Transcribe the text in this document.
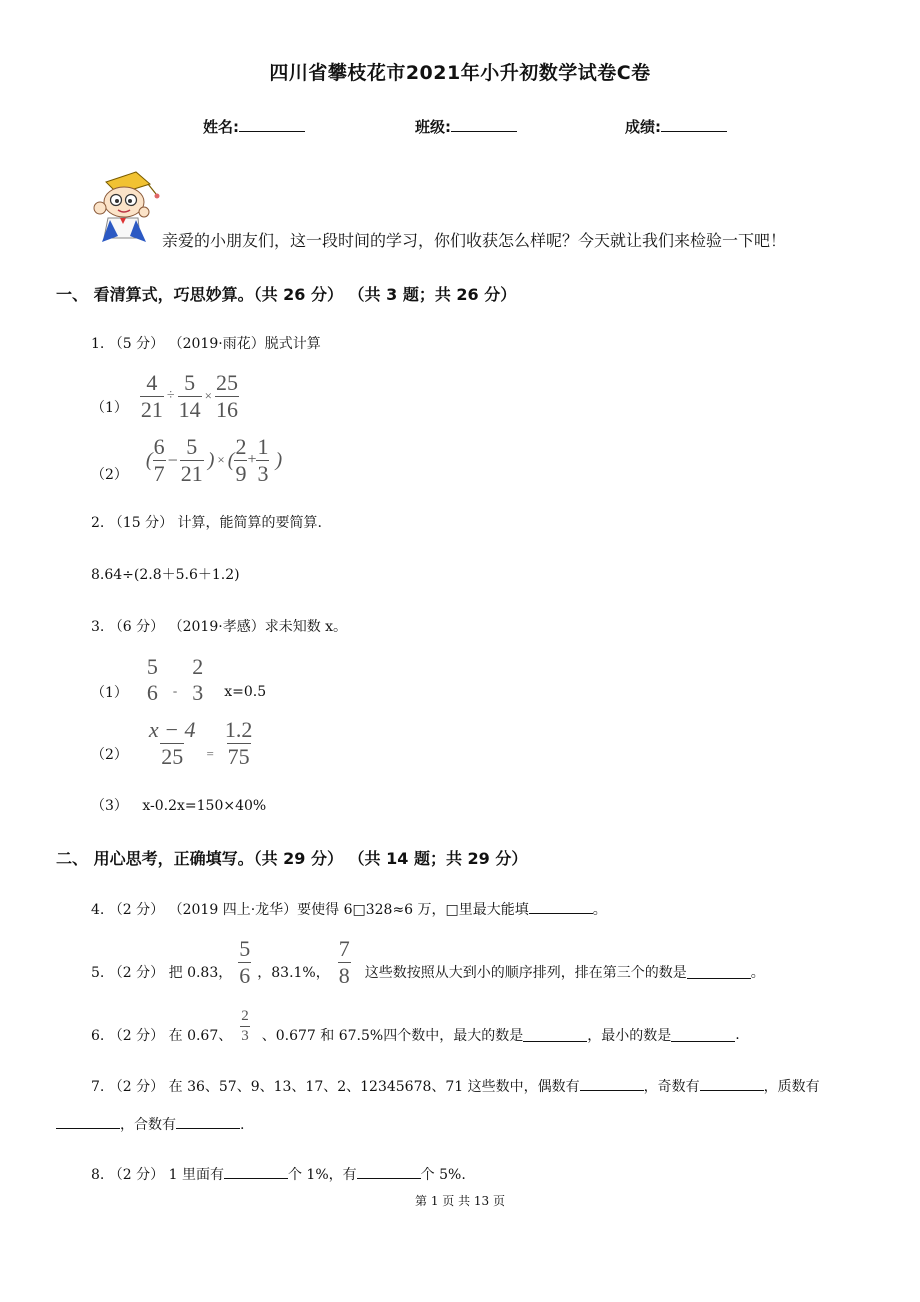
四川省攀枝花市2021年小升初数学试卷C卷
姓名:	班级:	成绩:
亲爱的小朋友们，这一段时间的学习，你们收获怎么样呢？今天就让我们来检验一下吧！
一、 看清算式，巧思妙算。（共 26 分） （共 3 题；共 26 分）
1. （5 分） （2019·雨花）脱式计算
$(1) \frac{4}{21} \div \frac{5}{14} \times \frac{25}{16}$
（2）
( $\frac{6}{7} - \frac{5}{21}$ ) × ( $\frac{2}{9} + \frac{1}{3}$ )
2. （15 分） 计算，能简算的要简算.
8.64÷(2.8＋5.6＋1.2)
3. （6 分） （2019·孝感）求未知数 x。
（1）
5
6 -
2
3 x=0.5
$(2) \frac{x - 4}{25} = \frac{1.2}{75}$
（3） x-0.2x=150×40%
二、 用心思考，正确填写。（共 29 分） （共 14 题；共 29 分）
4. （2 分） （2019 四上·龙华）要使得 6□328≈6 万，□里最大能填	。
5. （2 分） 把 0.83， $\frac{5}{6}$ ，83.1%， $\frac{7}{8}$ 这些数按照从大到小的顺序排列，排在第三个的数是	。
6. （2 分） 在 0.67、 $\frac{2}{3}$ 、0.677 和 67.5%四个数中，最大的数是	，最小的数是	.
7. （2 分） 在 36、57、9、13、17、2、12345678、71 这些数中，偶数有	，奇数有	，质数有
，合数有	.
8. （2 分） 1 里面有	个 1%，有	个 5%.
第 1 页 共 13 页
